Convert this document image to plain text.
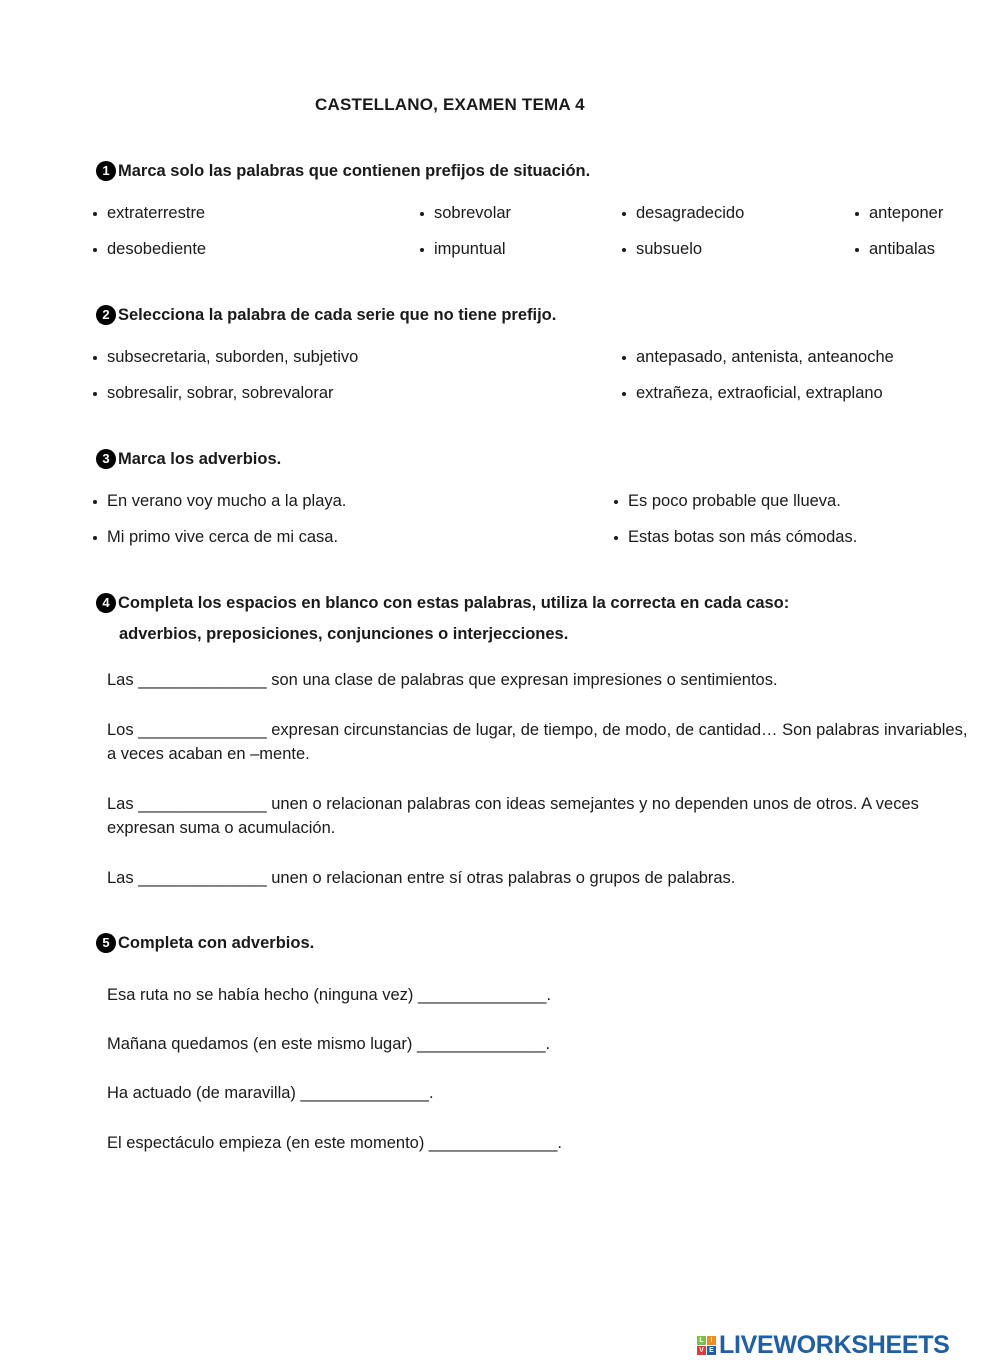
CASTELLANO, EXAMEN TEMA 4
1 Marca solo las palabras que contienen prefijos de situación.
extraterrestre	sobrevolar	desagradecido	anteponer
desobediente	impuntual	subsuelo	antibalas
2 Selecciona la palabra de cada serie que no tiene prefijo.
subsecretaria, suborden, subjetivo	antepasado, antenista, anteanoche
sobresalir, sobrar, sobrevalorar	extrañeza, extraoficial, extraplano
3 Marca los adverbios.
En verano voy mucho a la playa.	Es poco probable que llueva.
Mi primo vive cerca de mi casa.	Estas botas son más cómodas.
4 Completa los espacios en blanco con estas palabras, utiliza la correcta en cada caso:
adverbios, preposiciones, conjunciones o interjecciones.
Las ______________ son una clase de palabras que expresan impresiones o sentimientos.
Los ______________ expresan circunstancias de lugar, de tiempo, de modo, de cantidad… Son palabras invariables, a veces acaban en –mente.
Las ______________ unen o relacionan palabras con ideas semejantes y no dependen unos de otros. A veces expresan suma o acumulación.
Las ______________ unen o relacionan entre sí otras palabras o grupos de palabras.
5 Completa con adverbios.
Esa ruta no se había hecho (ninguna vez) ______________.
Mañana quedamos (en este mismo lugar) ______________.
Ha actuado (de maravilla) ______________.
El espectáculo empieza (en este momento) ______________.
L I
V E LIVEWORKSHEETS
